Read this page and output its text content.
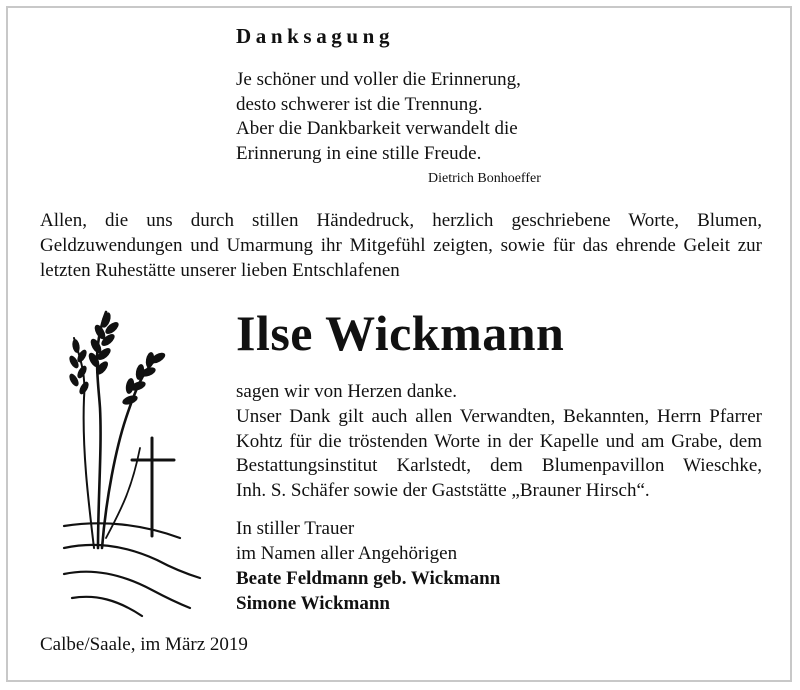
Danksagung
Je schöner und voller die Erinnerung,
desto schwerer ist die Trennung.
Aber die Dankbarkeit verwandelt die
Erinnerung in eine stille Freude.
Dietrich Bonhoeffer
Allen, die uns durch stillen Händedruck, herzlich geschriebene Worte, Blumen, Geldzuwendungen und Umarmung ihr Mitgefühl zeigten, sowie für das ehrende Geleit zur letzten Ruhestätte unserer lieben Entschlafenen
Ilse Wickmann
sagen wir von Herzen danke.
Unser Dank gilt auch allen Verwandten, Bekannten, Herrn Pfarrer
Kohtz für die tröstenden Worte in der Kapelle und am Grabe, dem
Bestattungsinstitut Karlstedt, dem Blumenpavillon Wieschke,
Inh. S. Schäfer sowie der Gaststätte „Brauner Hirsch“.
In stiller Trauer
im Namen aller Angehörigen
Beate Feldmann geb. Wickmann
Simone Wickmann
Calbe/Saale, im März 2019
